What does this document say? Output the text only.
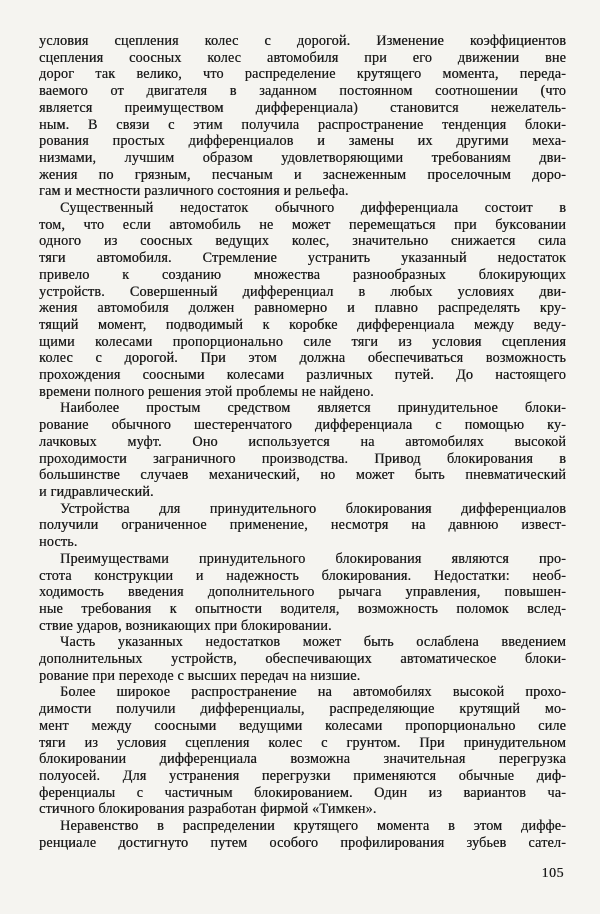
условия сцепления колес с дорогой. Изменение коэффициентов
сцепления соосных колес автомобиля при его движении вне
дорог так велико, что распределение крутящего момента, переда-
ваемого от двигателя в заданном постоянном соотношении (что
является преимуществом дифференциала) становится нежелатель-
ным. В связи с этим получила распространение тенденция блоки-
рования простых дифференциалов и замены их другими меха-
низмами, лучшим образом удовлетворяющими требованиям дви-
жения по грязным, песчаным и заснеженным проселочным доро-
гам и местности различного состояния и рельефа.
Существенный недостаток обычного дифференциала состоит в
том, что если автомобиль не может перемещаться при буксовании
одного из соосных ведущих колес, значительно снижается сила
тяги автомобиля. Стремление устранить указанный недостаток
привело к созданию множества разнообразных блокирующих
устройств. Совершенный дифференциал в любых условиях дви-
жения автомобиля должен равномерно и плавно распределять кру-
тящий момент, подводимый к коробке дифференциала между веду-
щими колесами пропорционально силе тяги из условия сцепления
колес с дорогой. При этом должна обеспечиваться возможность
прохождения соосными колесами различных путей. До настоящего
времени полного решения этой проблемы не найдено.
Наиболее простым средством является принудительное блоки-
рование обычного шестеренчатого дифференциала с помощью ку-
лачковых муфт. Оно используется на автомобилях высокой
проходимости заграничного производства. Привод блокирования в
большинстве случаев механический, но может быть пневматический
и гидравлический.
Устройства для принудительного блокирования дифференциалов
получили ограниченное применение, несмотря на давнюю извест-
ность.
Преимуществами принудительного блокирования являются про-
стота конструкции и надежность блокирования. Недостатки: необ-
ходимость введения дополнительного рычага управления, повышен-
ные требования к опытности водителя, возможность поломок вслед-
ствие ударов, возникающих при блокировании.
Часть указанных недостатков может быть ослаблена введением
дополнительных устройств, обеспечивающих автоматическое блоки-
рование при переходе с высших передач на низшие.
Более широкое распространение на автомобилях высокой прохо-
димости получили дифференциалы, распределяющие крутящий мо-
мент между соосными ведущими колесами пропорционально силе
тяги из условия сцепления колес с грунтом. При принудительном
блокировании дифференциала возможна значительная перегрузка
полуосей. Для устранения перегрузки применяются обычные диф-
ференциалы с частичным блокированием. Один из вариантов ча-
стичного блокирования разработан фирмой «Тимкен».
Неравенство в распределении крутящего момента в этом диффе-
ренциале достигнуто путем особого профилирования зубьев сател-
105
